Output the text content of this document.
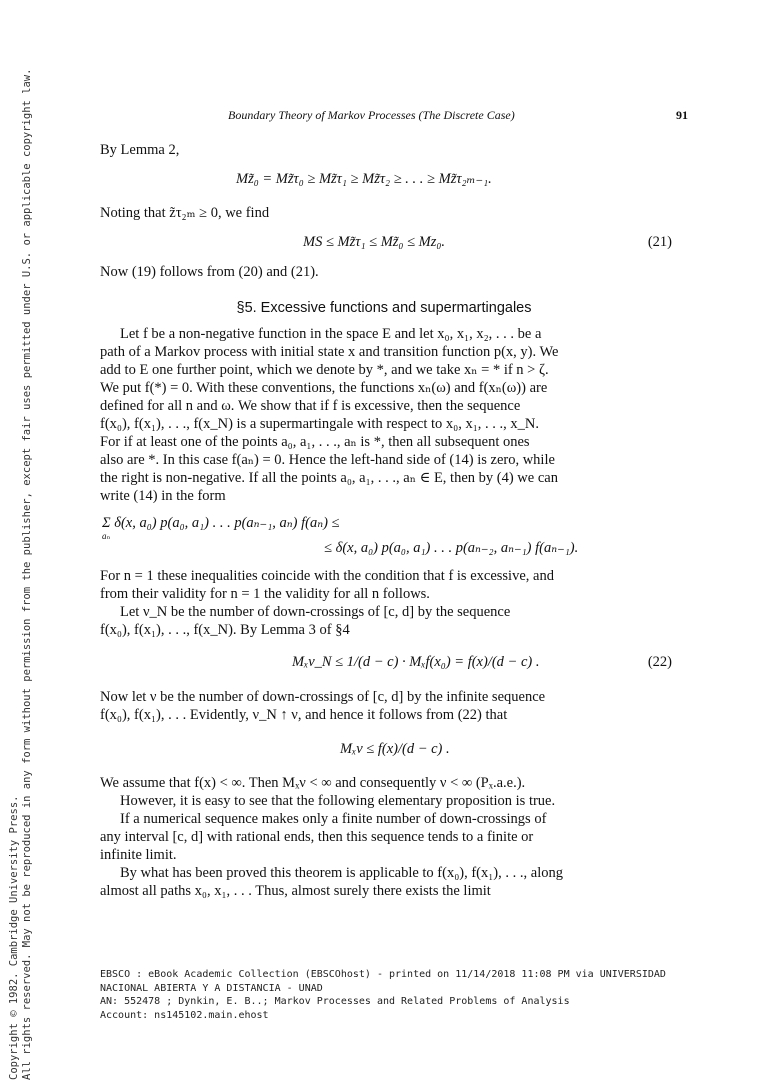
Boundary Theory of Markov Processes (The Discrete Case)	91

By Lemma 2,

Mz̃₀ = Mz̃τ₀ ≥ Mz̃τ₁ ≥ Mz̃τ₂ ≥ . . . ≥ Mz̃τ₂ₘ₋₁.

Noting that z̃τ₂ₘ ≥ 0, we find

MS ≤ Mz̃τ₁ ≤ Mz̃₀ ≤ Mz₀.	(21)

Now (19) follows from (20) and (21).

§5. Excessive functions and supermartingales

Let f be a non-negative function in the space E and let x₀, x₁, x₂, . . . be a

path of a Markov process with initial state x and transition function p(x, y). We

add to E one further point, which we denote by *, and we take xₙ = * if n > ζ.

We put f(*) = 0. With these conventions, the functions xₙ(ω) and f(xₙ(ω)) are

defined for all n and ω. We show that if f is excessive, then the sequence

f(x₀), f(x₁), . . ., f(x_N) is a supermartingale with respect to x₀, x₁, . . ., x_N.

For if at least one of the points a₀, a₁, . . ., aₙ is *, then all subsequent ones

also are *. In this case f(aₙ) = 0. Hence the left-hand side of (14) is zero, while

the right is non-negative. If all the points a₀, a₁, . . ., aₙ ∈ E, then by (4) we can

write (14) in the form

Σ δ(x, a₀) p(a₀, a₁) . . . p(aₙ₋₁, aₙ) f(aₙ) ≤
aₙ
≤ δ(x, a₀) p(a₀, a₁) . . . p(aₙ₋₂, aₙ₋₁) f(aₙ₋₁).

For n = 1 these inequalities coincide with the condition that f is excessive, and

from their validity for n = 1 the validity for all n follows.

Let ν_N be the number of down-crossings of [c, d] by the sequence

f(x₀), f(x₁), . . ., f(x_N). By Lemma 3 of §4

Mₓν_N ≤ 1/(d − c) · Mₓf(x₀) = f(x)/(d − c) .	(22)

Now let ν be the number of down-crossings of [c, d] by the infinite sequence

f(x₀), f(x₁), . . . Evidently, ν_N ↑ ν, and hence it follows from (22) that

Mₓν ≤ f(x)/(d − c) .

We assume that f(x) < ∞. Then Mₓν < ∞ and consequently ν < ∞ (Pₓ.a.e.).

However, it is easy to see that the following elementary proposition is true.

If a numerical sequence makes only a finite number of down-crossings of

any interval [c, d] with rational ends, then this sequence tends to a finite or

infinite limit.

By what has been proved this theorem is applicable to f(x₀), f(x₁), . . ., along

almost all paths x₀, x₁, . . . Thus, almost surely there exists the limit

Copyright © 1982. Cambridge University Press. All rights reserved. May not be reproduced in any form without permission from the publisher, except fair uses permitted under U.S. or applicable copyright law.	EBSCO : eBook Academic Collection (EBSCOhost) - printed on 11/14/2018 11:08 PM via UNIVERSIDAD
NACIONAL ABIERTA Y A DISTANCIA - UNAD
AN: 552478 ; Dynkin, E. B..; Markov Processes and Related Problems of Analysis
Account: ns145102.main.ehost
